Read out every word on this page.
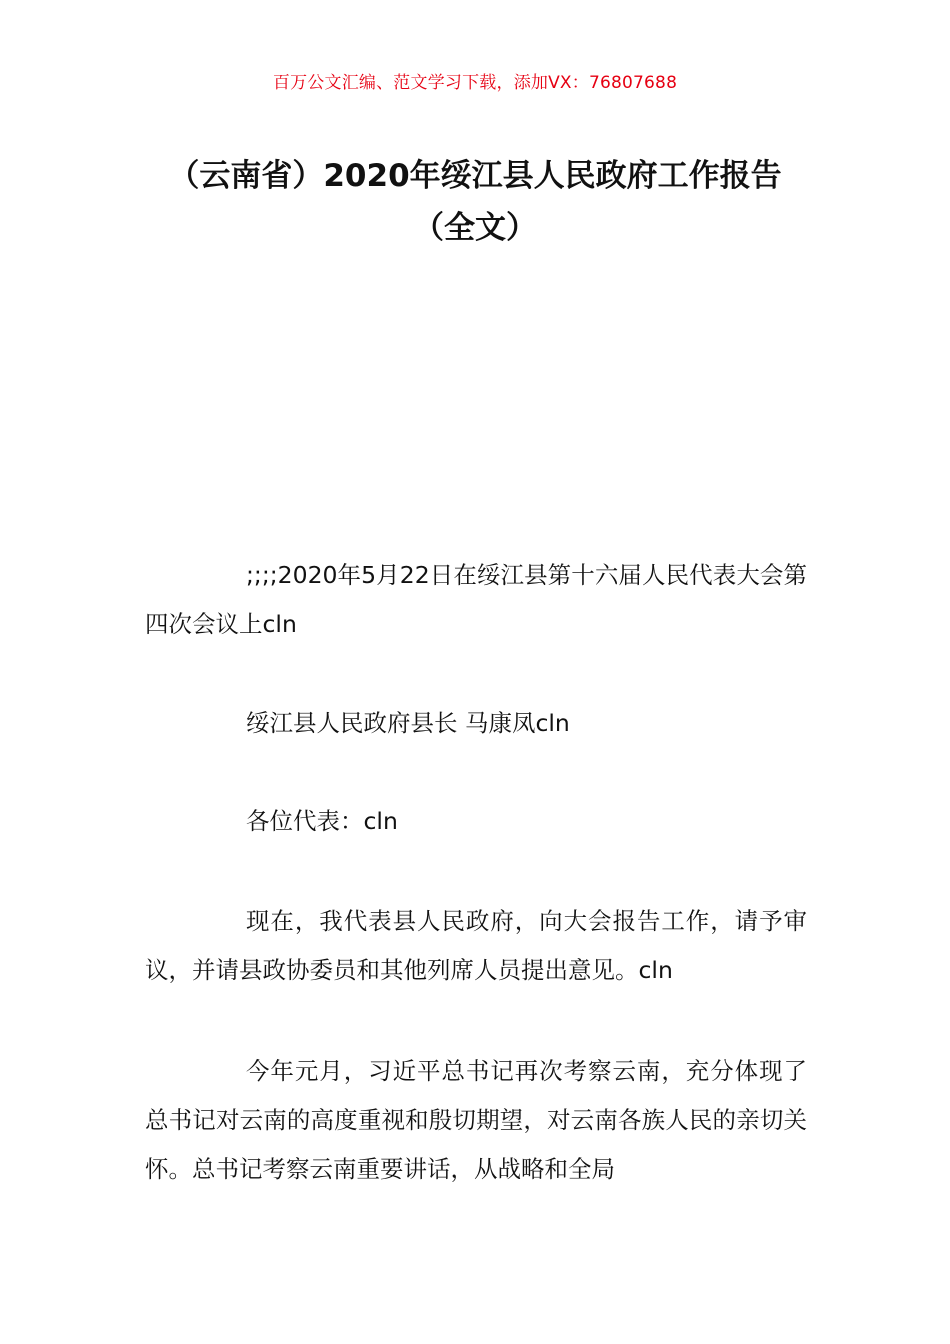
百万公文汇编、范文学习下载，添加VX：76807688
（云南省）2020年绥江县人民政府工作报告（全文）

;;;;2020年5月22日在绥江县第十六届人民代表大会第四次会议上cln

绥江县人民政府县长 马康凤cln

各位代表：cln

现在，我代表县人民政府，向大会报告工作，请予审议，并请县政协委员和其他列席人员提出意见。cln

今年元月，习近平总书记再次考察云南，充分体现了总书记对云南的高度重视和殷切期望，对云南各族人民的亲切关怀。总书记考察云南重要讲话，从战略和全局
